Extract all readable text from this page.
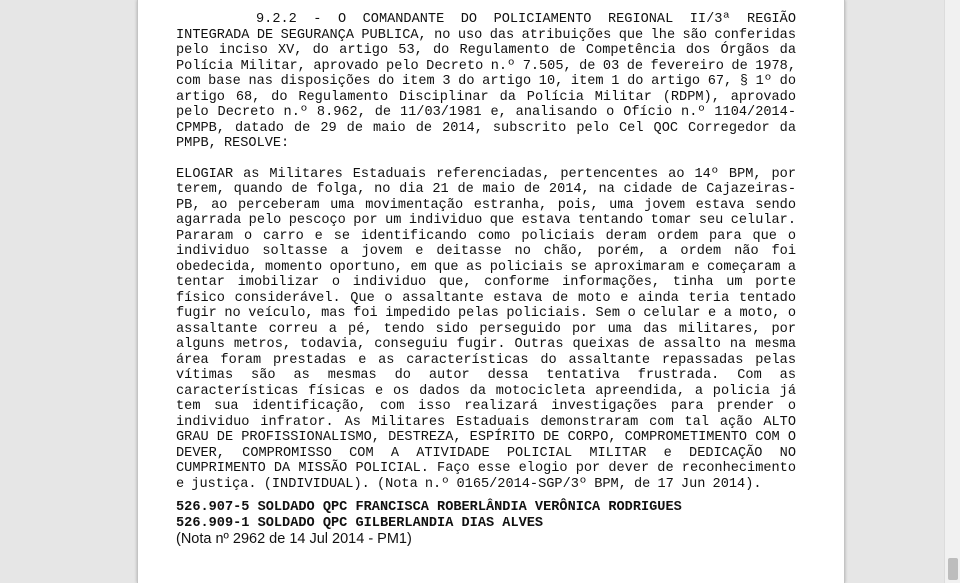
9.2.2 - O COMANDANTE DO POLICIAMENTO REGIONAL II/3ª REGIÃO INTEGRADA DE SEGURANÇA PUBLICA, no uso das atribuições que lhe são conferidas pelo inciso XV, do artigo 53, do Regulamento de Competência dos Órgãos da Polícia Militar, aprovado pelo Decreto n.º 7.505, de 03 de fevereiro de 1978, com base nas disposições do item 3 do artigo 10, item 1 do artigo 67, § 1º do artigo 68, do Regulamento Disciplinar da Polícia Militar (RDPM), aprovado pelo Decreto n.º 8.962, de 11/03/1981 e, analisando o Ofício n.º 1104/2014-CPMPB, datado de 29 de maio de 2014, subscrito pelo Cel QOC Corregedor da PMPB, RESOLVE:

ELOGIAR as Militares Estaduais referenciadas, pertencentes ao 14º BPM, por terem, quando de folga, no dia 21 de maio de 2014, na cidade de Cajazeiras-PB, ao perceberam uma movimentação estranha, pois, uma jovem estava sendo agarrada pelo pescoço por um individuo que estava tentando tomar seu celular. Pararam o carro e se identificando como policiais deram ordem para que o individuo soltasse a jovem e deitasse no chão, porém, a ordem não foi obedecida, momento oportuno, em que as policiais se aproximaram e começaram a tentar imobilizar o individuo que, conforme informações, tinha um porte físico considerável. Que o assaltante estava de moto e ainda teria tentado fugir no veículo, mas foi impedido pelas policiais. Sem o celular e a moto, o assaltante correu a pé, tendo sido perseguido por uma das militares, por alguns metros, todavia, conseguiu fugir. Outras queixas de assalto na mesma área foram prestadas e as características do assaltante repassadas pelas vítimas são as mesmas do autor dessa tentativa frustrada. Com as características físicas e os dados da motocicleta apreendida, a policia já tem sua identificação, com isso realizará investigações para prender o individuo infrator. As Militares Estaduais demonstraram com tal ação ALTO GRAU DE PROFISSIONALISMO, DESTREZA, ESPÍRITO DE CORPO, COMPROMETIMENTO COM O DEVER, COMPROMISSO COM A ATIVIDADE POLICIAL MILITAR e DEDICAÇÃO NO CUMPRIMENTO DA MISSÃO POLICIAL. Faço esse elogio por dever de reconhecimento e justiça. (INDIVIDUAL). (Nota n.º 0165/2014-SGP/3º BPM, de 17 Jun 2014).

526.907-5 SOLDADO QPC FRANCISCA ROBERLÂNDIA VERÔNICA RODRIGUES
526.909-1 SOLDADO QPC GILBERLANDIA DIAS ALVES
(Nota nº 2962 de 14 Jul 2014 - PM1)
